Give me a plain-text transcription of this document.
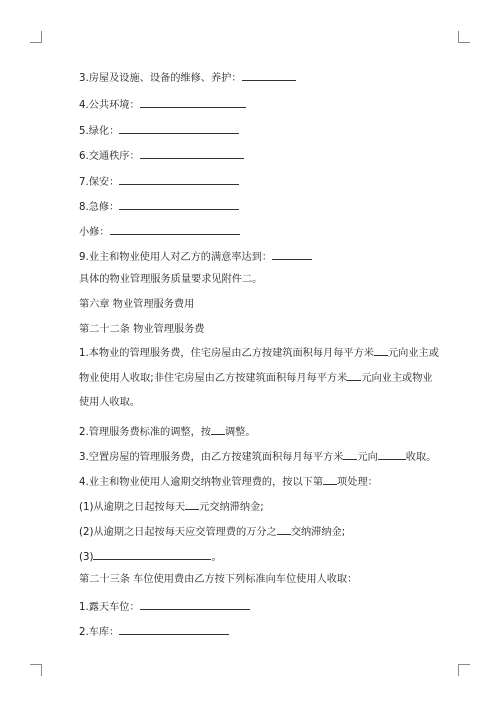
3.房屋及设施、设备的维修、养护：
4.公共环境：
5.绿化：
6.交通秩序：
7.保安：
8.急修：
小修：
9.业主和物业使用人对乙方的满意率达到：
具体的物业管理服务质量要求见附件二。
第六章 物业管理服务费用
第二十二条 物业管理服务费
1.本物业的管理服务费，住宅房屋由乙方按建筑面积每月每平方米 元向业主或物业使用人收取;非住宅房屋由乙方按建筑面积每月每平方米 元向业主或物业使用人收取。
2.管理服务费标准的调整，按 调整。
3.空置房屋的管理服务费，由乙方按建筑面积每月每平方米 元向	收取。
4.业主和物业使用人逾期交纳物业管理费的，按以下第 项处理：
(1)从逾期之日起按每天 元交纳滞纳金;
(2)从逾期之日起按每天应交管理费的万分之 交纳滞纳金;
(3)	。
第二十三条 车位使用费由乙方按下列标准向车位使用人收取：
1.露天车位：
2.车库：
